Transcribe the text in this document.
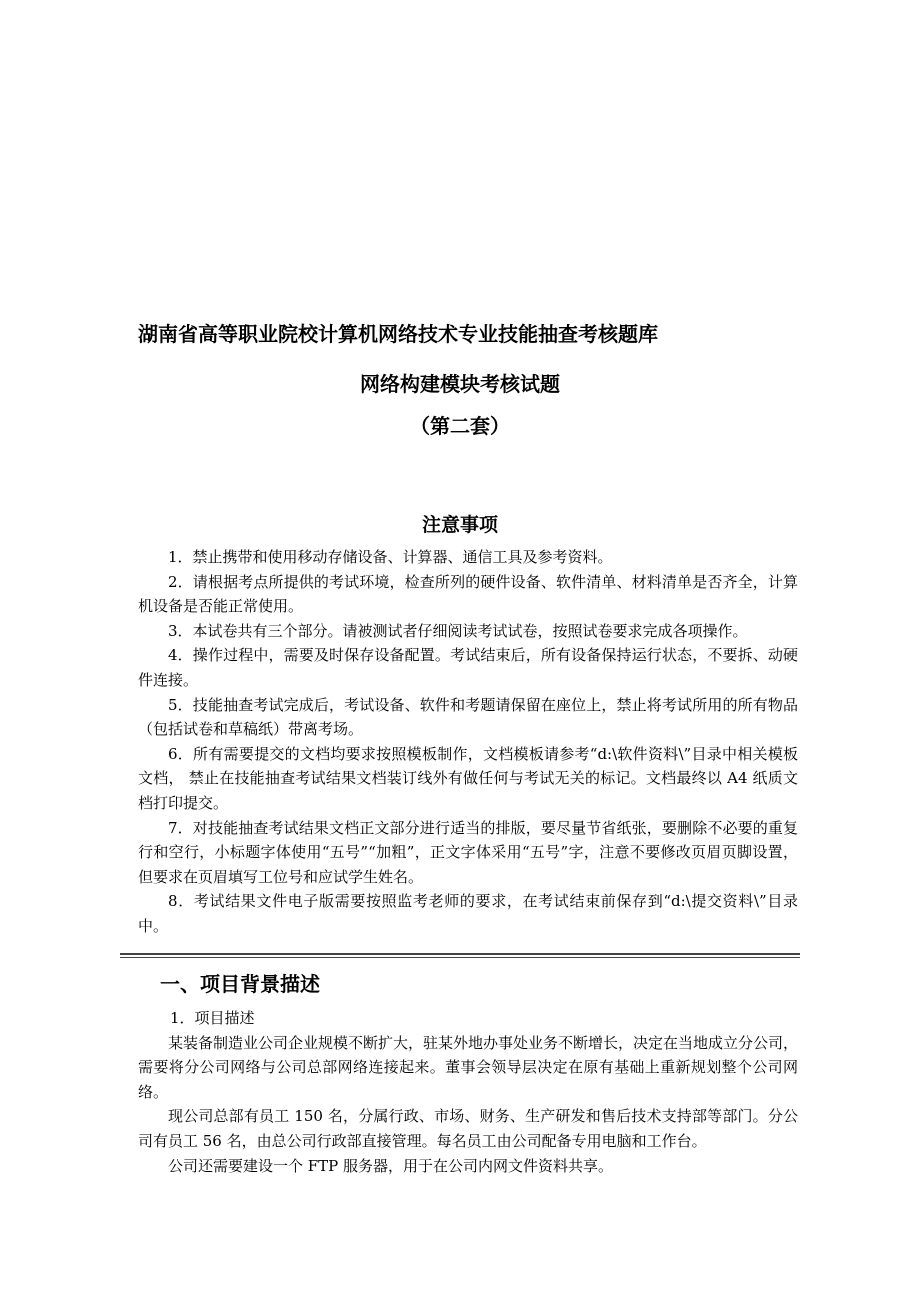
湖南省高等职业院校计算机网络技术专业技能抽查考核题库
网络构建模块考核试题
（第二套）
注意事项

1．禁止携带和使用移动存储设备、计算器、通信工具及参考资料。

2．请根据考点所提供的考试环境，检查所列的硬件设备、软件清单、材料清单是否齐全，计算机设备是否能正常使用。

3．本试卷共有三个部分。请被测试者仔细阅读考试试卷，按照试卷要求完成各项操作。

4．操作过程中，需要及时保存设备配置。考试结束后，所有设备保持运行状态，不要拆、动硬件连接。

5．技能抽查考试完成后，考试设备、软件和考题请保留在座位上，禁止将考试所用的所有物品（包括试卷和草稿纸）带离考场。

6．所有需要提交的文档均要求按照模板制作，文档模板请参考“d:\软件资料\”目录中相关模板文档， 禁止在技能抽查考试结果文档装订线外有做任何与考试无关的标记。文档最终以 A4 纸质文档打印提交。

7．对技能抽查考试结果文档正文部分进行适当的排版，要尽量节省纸张，要删除不必要的重复行和空行，小标题字体使用“五号”“加粗”，正文字体采用“五号”字，注意不要修改页眉页脚设置，但要求在页眉填写工位号和应试学生姓名。

8．考试结果文件电子版需要按照监考老师的要求，在考试结束前保存到“d:\提交资料\”目录中。

一、项目背景描述

1．项目描述

某装备制造业公司企业规模不断扩大，驻某外地办事处业务不断增长，决定在当地成立分公司，需要将分公司网络与公司总部网络连接起来。董事会领导层决定在原有基础上重新规划整个公司网络。

现公司总部有员工 150 名，分属行政、市场、财务、生产研发和售后技术支持部等部门。分公司有员工 56 名，由总公司行政部直接管理。每名员工由公司配备专用电脑和工作台。

公司还需要建设一个 FTP 服务器，用于在公司内网文件资料共享。
